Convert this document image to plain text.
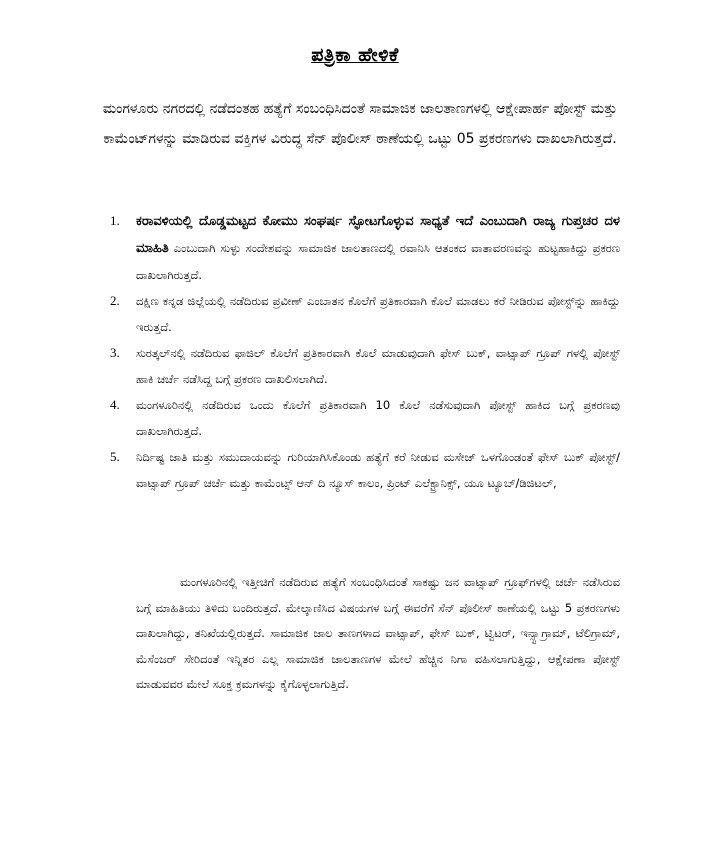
ಪತ್ರಿಕಾ ಹೇಳಿಕೆ
ಮಂಗಳೂರು ನಗರದಲ್ಲಿ ನಡೆದಂತಹ ಹತ್ಯೆಗೆ ಸಂಬಂಧಿಸಿದಂತೆ ಸಾಮಾಜಿಕ ಜಾಲತಾಣಗಳಲ್ಲಿ ಆಕ್ಷೇಪಾರ್ಹ ಪೋಸ್ಟ್ ಮತ್ತು ಕಾಮೆಂಟ್‌ಗಳನ್ನು ಮಾಡಿರುವ ವಕ್ತಿಗಳ ವಿರುದ್ಧ ಸೆನ್ ಪೊಲೀಸ್ ಠಾಣೆಯಲ್ಲಿ ಒಟ್ಟು 05 ಪ್ರಕರಣಗಳು ದಾಖಲಾಗಿರುತ್ತದೆ.
1. ಕರಾವಳಿಯಲ್ಲಿ ದೊಡ್ಡಮಟ್ಟದ ಕೋಮು ಸಂಘರ್ಷ ಸ್ಫೋಟಗೊಳ್ಳುವ ಸಾಧ್ಯತೆ ಇದೆ ಎಂಬುದಾಗಿ ರಾಜ್ಯ ಗುಪ್ತಚರ ದಳ ಮಾಹಿತಿ ಎಂಬುದಾಗಿ ಸುಳ್ಳು ಸಂದೇಶವನ್ನು ಸಾಮಾಜಿಕ ಜಾಲತಾಣದಲ್ಲಿ ರವಾನಿಸಿ ಆತಂಕದ ವಾತಾವರಣವನ್ನು ಹುಟ್ಟಹಾಕಿದ್ದು ಪ್ರಕರಣ ದಾಖಲಾಗಿರುತ್ತದೆ.
2. ದಕ್ಷಿಣ ಕನ್ನಡ ಜಿಲ್ಲೆಯಲ್ಲಿ ನಡೆದಿರುವ ಪ್ರವೀಣ್ ಎಂಬಾತನ ಕೊಲೆಗೆ ಪ್ರತಿಕಾರವಾಗಿ ಕೊಲೆ ಮಾಡಲು ಕರೆ ನೀಡಿರುವ ಪೋಸ್ಟ್‌ನ್ನು ಹಾಕಿದ್ದು ಇರುತ್ತದೆ.
3. ಸುರತ್ಕಲ್‌ನಲ್ಲಿ ನಡೆದಿರುವ ಫಾಜಿಲ್ ಕೊಲೆಗೆ ಪ್ರತಿಕಾರವಾಗಿ ಕೊಲೆ ಮಾಡುವುದಾಗಿ ಫೇಸ್ ಬುಕ್, ವಾಟ್ಸಾಪ್ ಗ್ರೂಪ್ ಗಳಲ್ಲಿ ಪೋಸ್ಟ್ ಹಾಕಿ ಚರ್ಚೆ ನಡೆಸಿದ್ದ ಬಗ್ಗೆ ಪ್ರಕರಣ ದಾಖಲಿಸಲಾಗಿದೆ.
4. ಮಂಗಳೂರಿನಲ್ಲಿ ನಡೆದಿರುವ ಒಂದು ಕೊಲೆಗೆ ಪ್ರತಿಕಾರವಾಗಿ 10 ಕೊಲೆ ನಡೆಸುವುದಾಗಿ ಪೋಸ್ಟ್ ಹಾಕಿದ ಬಗ್ಗೆ ಪ್ರಕರಣವು ದಾಖಲಾಗಿರುತ್ತದೆ.
5. ನಿರ್ದಿಷ್ಟ ಜಾತಿ ಮತ್ತು ಸಮುದಾಯವನ್ನು ಗುರಿಯಾಗಿಸಿಕೊಂಡು ಹತ್ಯೆಗೆ ಕರೆ ನೀಡುವ ಮಸೇಜ್ ಒಳಗೊಂಡಂತೆ ಫೇಸ್ ಬುಕ್ ಪೋಸ್ಟ್/ ವಾಟ್ಸಾಪ್ ಗ್ರೂಪ್ ಚರ್ಚೆ ಮತ್ತು ಕಾಮೆಂಟ್ಸ್ ಆನ್ ದಿ ನ್ಯೂಸ್ ಕಾಲಂ, ಪ್ರಿಂಟ್ ಎಲೆಕ್ಟ್ರಾನಿಕ್ಸ್, ಯೂ ಟ್ಯೂಬ್/ಡಿಜಿಟಲ್,
ಮಂಗಳೂರಿನಲ್ಲಿ ಇತ್ತೀಚಿಗೆ ನಡೆದಿರುವ ಹತ್ಯೆಗೆ ಸಂಬಂಧಿಸಿದಂತೆ ಸಾಕಷ್ಟು ಜನ ವಾಟ್ಸಾಪ್ ಗ್ರೂಫ್‌ಗಳಲ್ಲಿ ಚರ್ಚೆ ನಡೆಸಿರುವ ಬಗ್ಗೆ ಮಾಹಿತಿಯು ತಿಳಿದು ಬಂದಿರುತ್ತದೆ. ಮೇಲ್ಕಾಣಿಸಿದ ವಿಷಯಗಳ ಬಗ್ಗೆ ಈವರೆಗೆ ಸೆನ್ ಪೊಲೀಸ್ ಠಾಣೆಯಲ್ಲಿ ಒಟ್ಟು 5 ಪ್ರಕರಣಗಳು ದಾಖಲಾಗಿದ್ದು, ತನಿಖೆಯಲ್ಲಿರುತ್ತದೆ. ಸಾಮಾಜಿಕ ಜಾಲ ತಾಣಗಳಾದ ವಾಟ್ಸಾಪ್, ಫೇಸ್ ಬುಕ್, ಟ್ವಿಟರ್, ಇನ್ಸ್ಟಾಗ್ರಾಮ್, ಟೆಲಿಗ್ರಾಮ್, ಮೆಸೆಂಜರ್ ಸೇರಿದಂತೆ ಇನ್ನಿತರ ಎಲ್ಲ ಸಾಮಾಜಿಕ ಜಾಲತಾಣಗಳ ಮೇಲೆ ಹೆಚ್ಚಿನ ನಿಗಾ ವಹಿಸಲಾಗುತ್ತಿದ್ದು, ಆಕ್ಷೇಪಣಾ ಪೋಸ್ಟ್ ಮಾಡುವವರ ಮೇಲೆ ಸೂಕ್ತ ಕ್ರಮಗಳನ್ನು ಕೈಗೊಳ್ಳಲಾಗುತ್ತಿದೆ.
